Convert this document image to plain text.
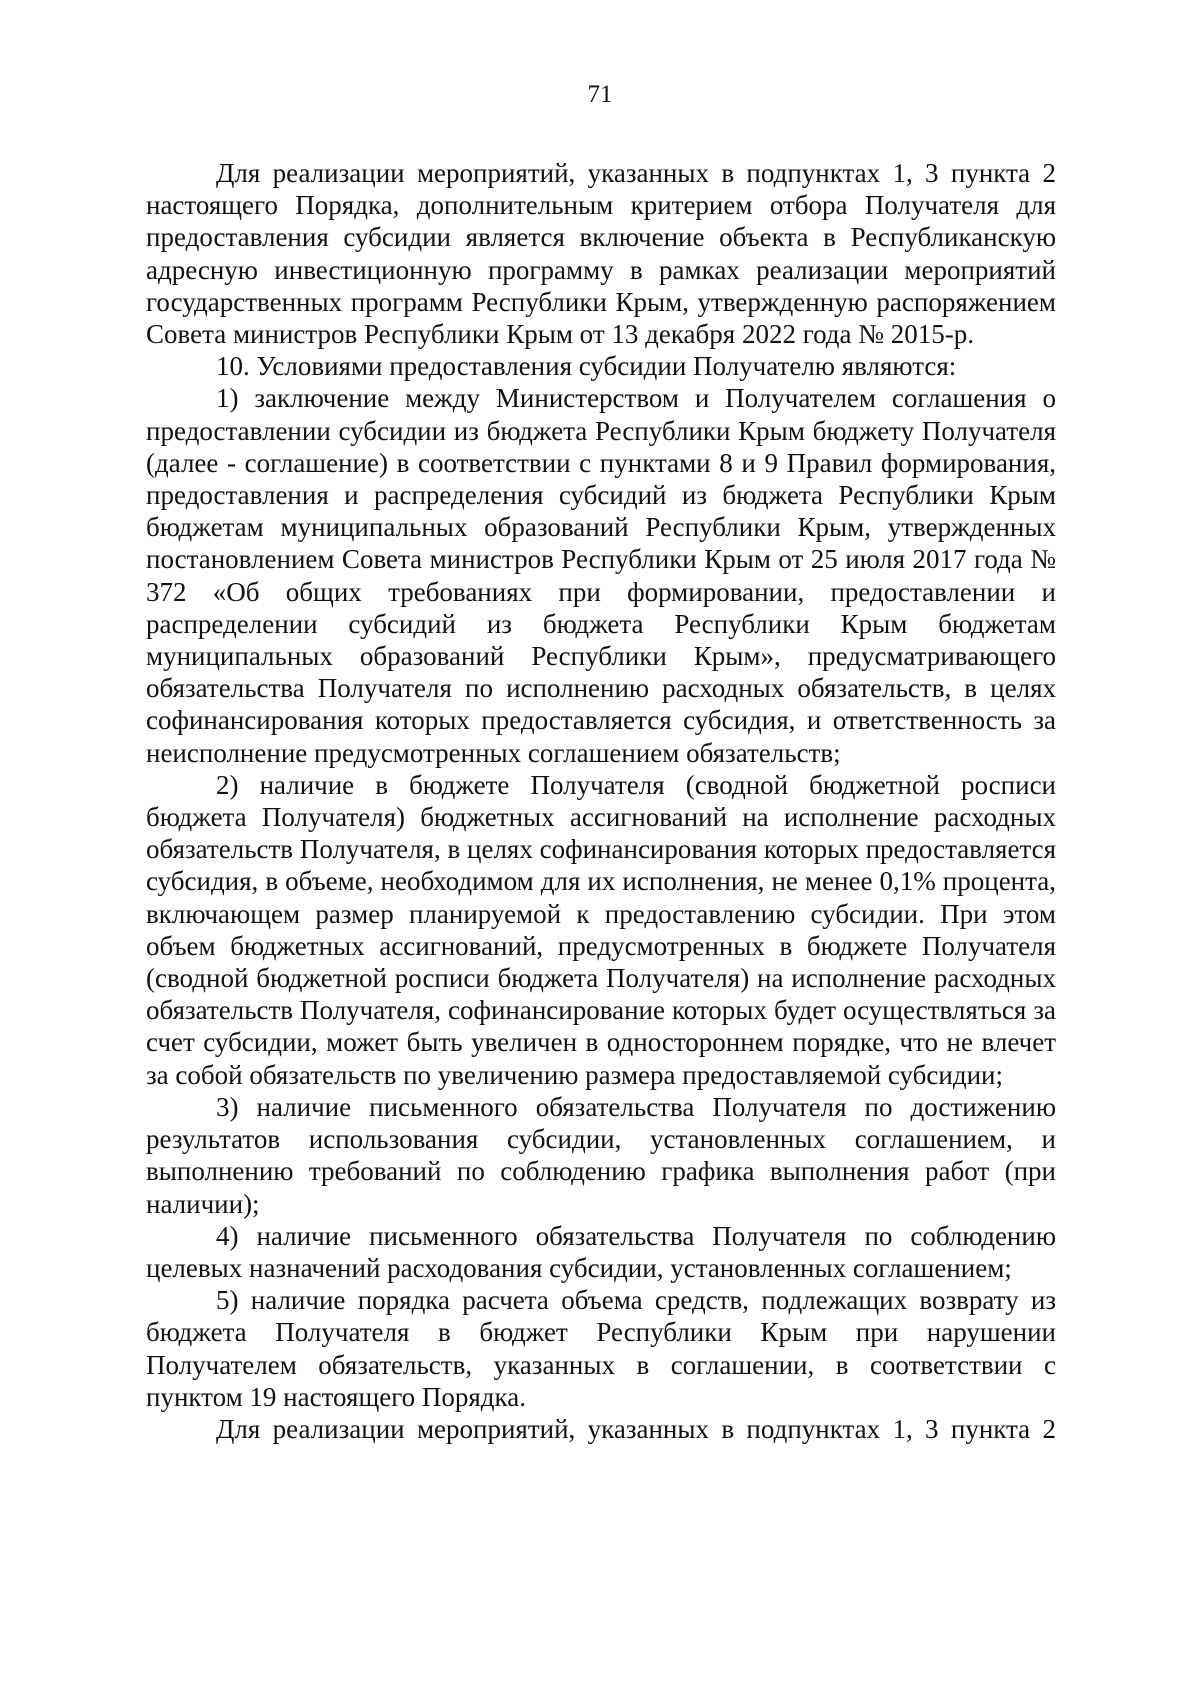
71

Для реализации мероприятий, указанных в подпунктах 1, 3 пункта 2 настоящего Порядка, дополнительным критерием отбора Получателя для предоставления субсидии является включение объекта в Республиканскую адресную инвестиционную программу в рамках реализации мероприятий государственных программ Республики Крым, утвержденную распоряжением Совета министров Республики Крым от 13 декабря 2022 года № 2015-р.

10. Условиями предоставления субсидии Получателю являются:

1) заключение между Министерством и Получателем соглашения о предоставлении субсидии из бюджета Республики Крым бюджету Получателя (далее - соглашение) в соответствии с пунктами 8 и 9 Правил формирования, предоставления и распределения субсидий из бюджета Республики Крым бюджетам муниципальных образований Республики Крым, утвержденных постановлением Совета министров Республики Крым от 25 июля 2017 года № 372 «Об общих требованиях при формировании, предоставлении и распределении субсидий из бюджета Республики Крым бюджетам муниципальных образований Республики Крым», предусматривающего обязательства Получателя по исполнению расходных обязательств, в целях софинансирования которых предоставляется субсидия, и ответственность за неисполнение предусмотренных соглашением обязательств;

2) наличие в бюджете Получателя (сводной бюджетной росписи бюджета Получателя) бюджетных ассигнований на исполнение расходных обязательств Получателя, в целях софинансирования которых предоставляется субсидия, в объеме, необходимом для их исполнения, не менее 0,1% процента, включающем размер планируемой к предоставлению субсидии. При этом объем бюджетных ассигнований, предусмотренных в бюджете Получателя (сводной бюджетной росписи бюджета Получателя) на исполнение расходных обязательств Получателя, софинансирование которых будет осуществляться за счет субсидии, может быть увеличен в одностороннем порядке, что не влечет за собой обязательств по увеличению размера предоставляемой субсидии;

3) наличие письменного обязательства Получателя по достижению результатов использования субсидии, установленных соглашением, и выполнению требований по соблюдению графика выполнения работ (при наличии);

4) наличие письменного обязательства Получателя по соблюдению целевых назначений расходования субсидии, установленных соглашением;

5) наличие порядка расчета объема средств, подлежащих возврату из бюджета Получателя в бюджет Республики Крым при нарушении Получателем обязательств, указанных в соглашении, в соответствии с пунктом 19 настоящего Порядка.

Для реализации мероприятий, указанных в подпунктах 1, 3 пункта 2
